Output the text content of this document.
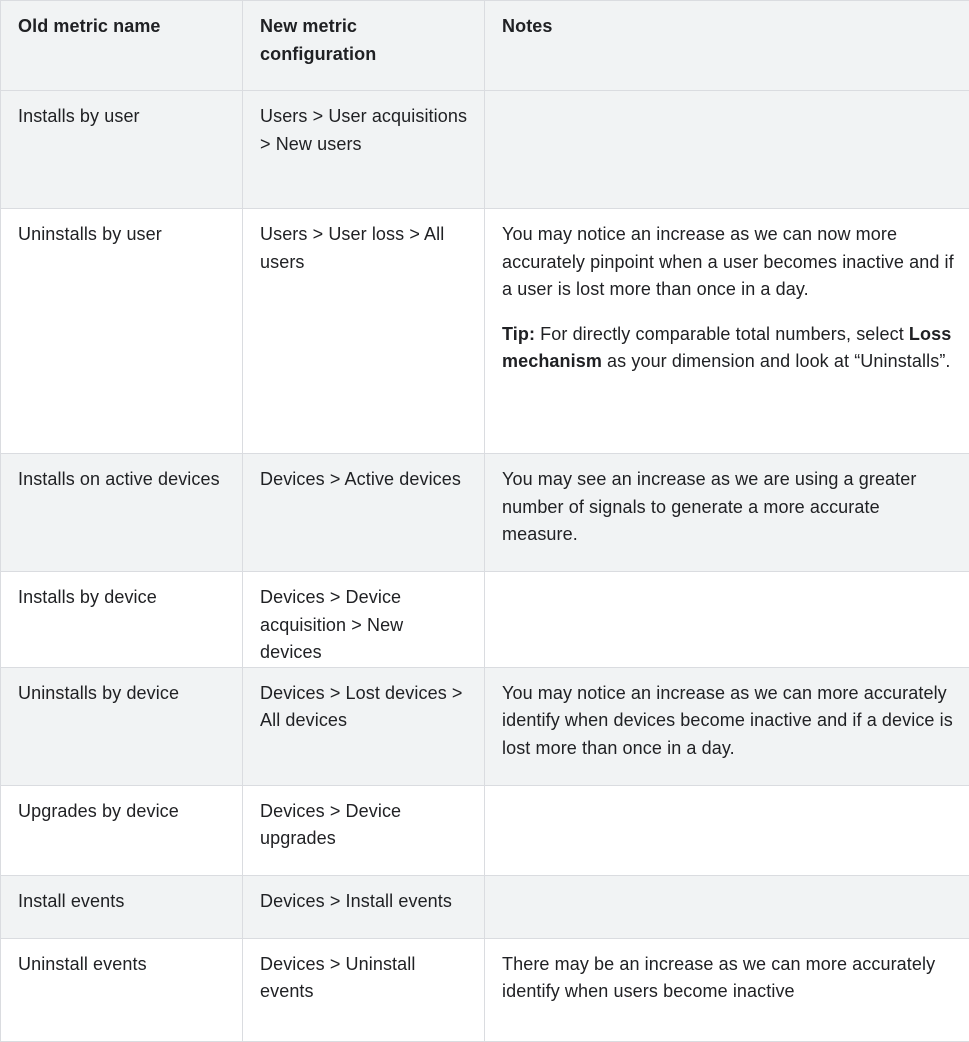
Old metric name	New metric configuration	Notes
Installs by user	Users > User acquisitions > New users	
Uninstalls by user	Users > User loss > All users	You may notice an increase as we can now more accurately pinpoint when a user becomes inactive and if a user is lost more than once in a day.

Tip: For directly comparable total numbers, select Loss mechanism as your dimension and look at “Uninstalls”.

Installs on active devices	Devices > Active devices	You may see an increase as we are using a greater number of signals to generate a more accurate measure.
Installs by device	Devices > Device acquisition > New devices	
Uninstalls by device	Devices > Lost devices > All devices	You may notice an increase as we can more accurately identify when devices become inactive and if a device is lost more than once in a day.
Upgrades by device	Devices > Device upgrades	
Install events	Devices > Install events	
Uninstall events	Devices > Uninstall events	There may be an increase as we can more accurately identify when users become inactive
